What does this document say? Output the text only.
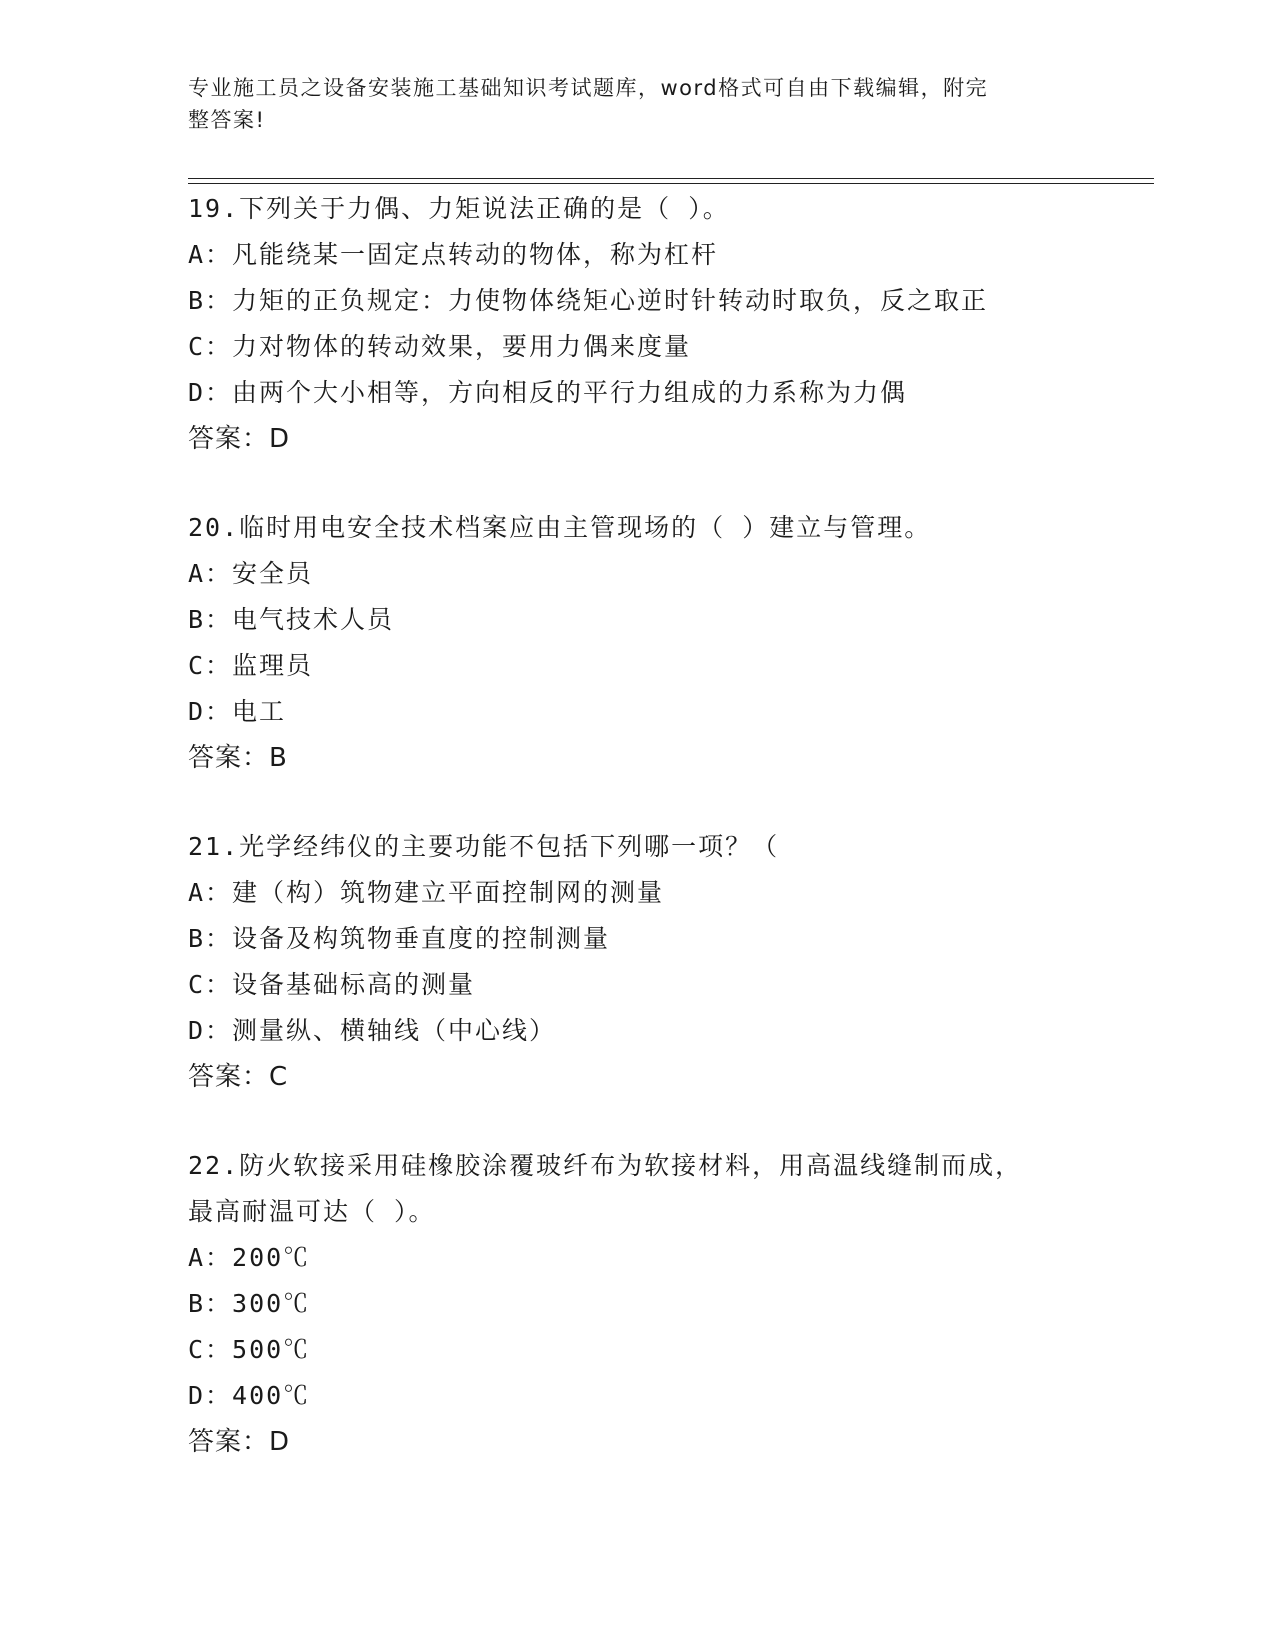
专业施工员之设备安装施工基础知识考试题库，word格式可自由下载编辑，附完
整答案!
19.下列关于力偶、力矩说法正确的是（ ）。
A：凡能绕某一固定点转动的物体，称为杠杆
B：力矩的正负规定：力使物体绕矩心逆时针转动时取负，反之取正
C：力对物体的转动效果，要用力偶来度量
D：由两个大小相等，方向相反的平行力组成的力系称为力偶
答案：D
20.临时用电安全技术档案应由主管现场的（ ）建立与管理。
A：安全员
B：电气技术人员
C：监理员
D：电工
答案：B
21.光学经纬仪的主要功能不包括下列哪一项？（
A：建（构）筑物建立平面控制网的测量
B：设备及构筑物垂直度的控制测量
C：设备基础标高的测量
D：测量纵、横轴线（中心线）
答案：C
22.防火软接采用硅橡胶涂覆玻纤布为软接材料，用高温线缝制而成，
最高耐温可达（ ）。
A：200℃
B：300℃
C：500℃
D：400℃
答案：D
